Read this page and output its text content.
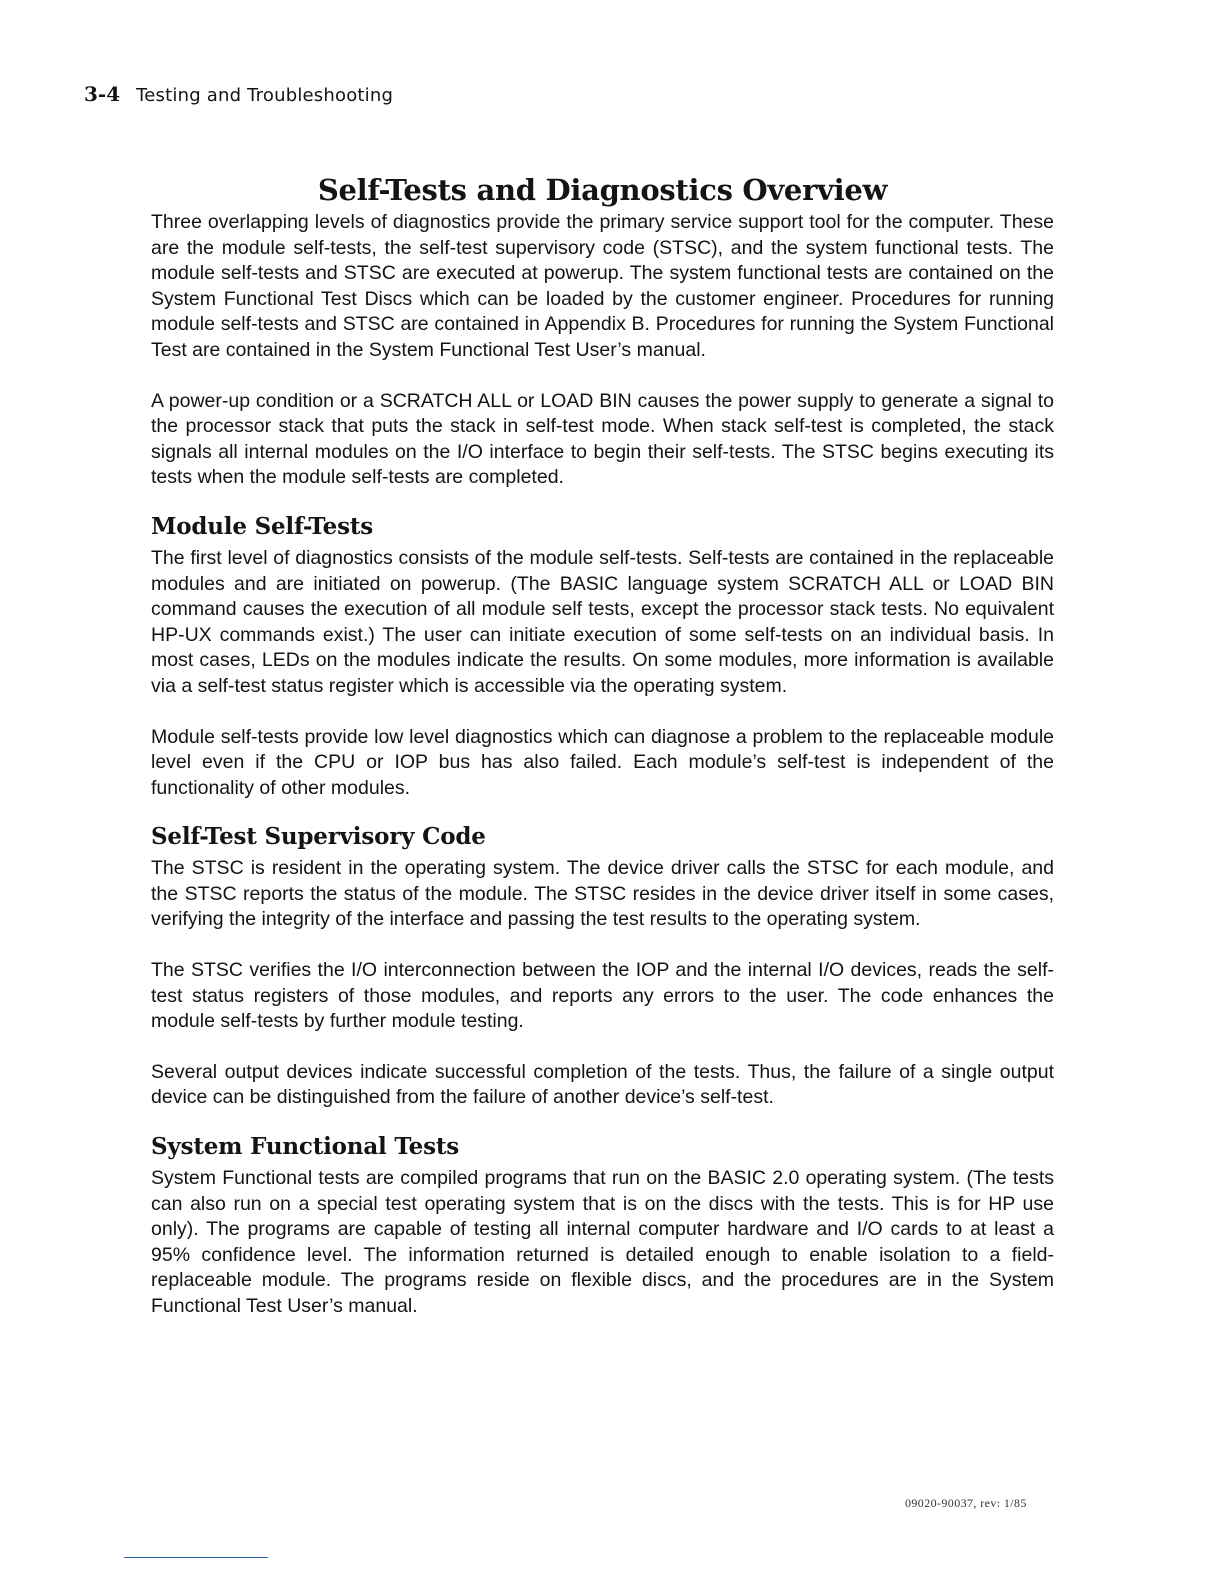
3-4 Testing and Troubleshooting
Self-Tests and Diagnostics Overview

Three overlapping levels of diagnostics provide the primary service support tool for the computer. These are the module self-tests, the self-test supervisory code (STSC), and the system functional tests. The module self-tests and STSC are executed at powerup. The system functional tests are contained on the System Functional Test Discs which can be loaded by the customer engineer. Procedures for running module self-tests and STSC are contained in Appendix B. Procedures for running the System Functional Test are contained in the System Functional Test User’s manual.

A power-up condition or a SCRATCH ALL or LOAD BIN causes the power supply to generate a signal to the processor stack that puts the stack in self-test mode. When stack self-test is completed, the stack signals all internal modules on the I/O interface to begin their self-tests. The STSC begins executing its tests when the module self-tests are completed.

Module Self-Tests

The first level of diagnostics consists of the module self-tests. Self-tests are contained in the replaceable modules and are initiated on powerup. (The BASIC language system SCRATCH ALL or LOAD BIN command causes the execution of all module self tests, except the processor stack tests. No equivalent HP-UX commands exist.) The user can initiate execution of some self-tests on an individual basis. In most cases, LEDs on the modules indicate the results. On some modules, more information is available via a self-test status register which is accessible via the operating system.

Module self-tests provide low level diagnostics which can diagnose a problem to the replaceable module level even if the CPU or IOP bus has also failed. Each module’s self-test is independent of the functionality of other modules.

Self-Test Supervisory Code

The STSC is resident in the operating system. The device driver calls the STSC for each module, and the STSC reports the status of the module. The STSC resides in the device driver itself in some cases, verifying the integrity of the interface and passing the test results to the operating system.

The STSC verifies the I/O interconnection between the IOP and the internal I/O devices, reads the self-test status registers of those modules, and reports any errors to the user. The code enhances the module self-tests by further module testing.

Several output devices indicate successful completion of the tests. Thus, the failure of a single output device can be distinguished from the failure of another device’s self-test.

System Functional Tests

System Functional tests are compiled programs that run on the BASIC 2.0 operating system. (The tests can also run on a special test operating system that is on the discs with the tests. This is for HP use only). The programs are capable of testing all internal computer hardware and I/O cards to at least a 95% confidence level. The information returned is detailed enough to enable isolation to a field-replaceable module. The programs reside on flexible discs, and the procedures are in the System Functional Test User’s manual.

09020-90037, rev: 1/85
